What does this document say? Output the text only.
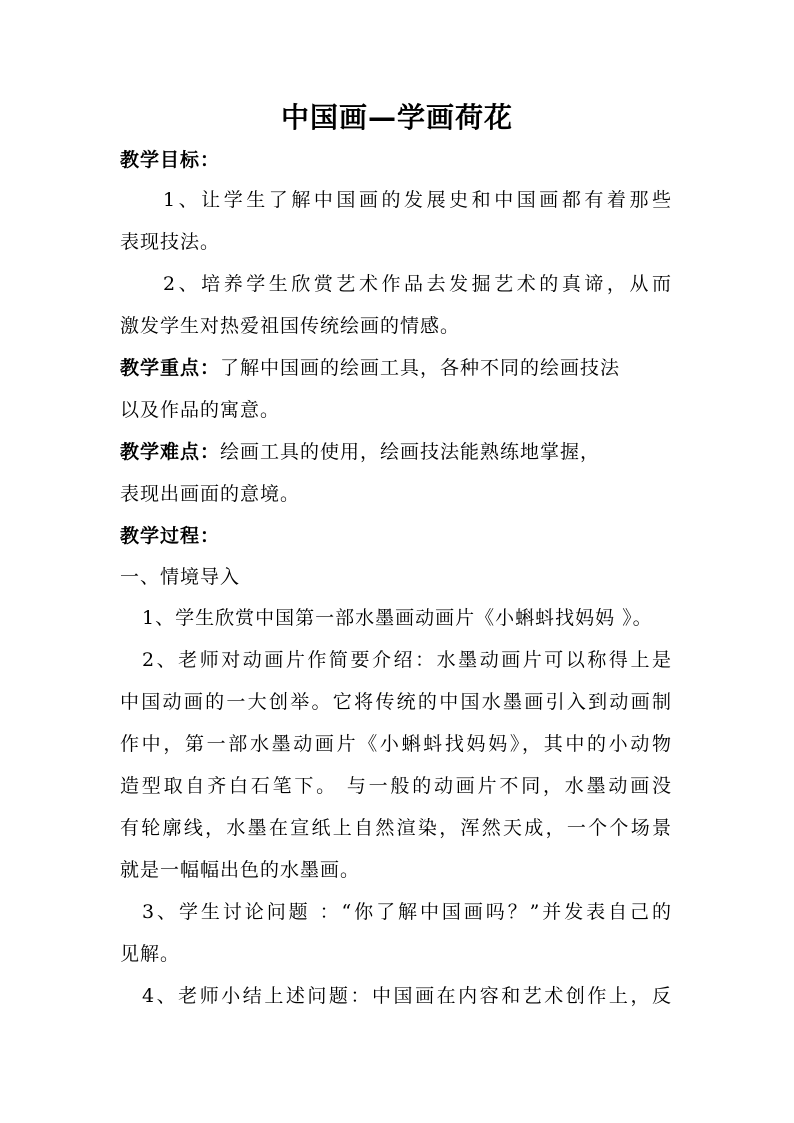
中国画—学画荷花
教学目标：
1、让学生了解中国画的发展史和中国画都有着那些
表现技法。
2、培养学生欣赏艺术作品去发掘艺术的真谛，从而
激发学生对热爱祖国传统绘画的情感。
教学重点：了解中国画的绘画工具，各种不同的绘画技法
以及作品的寓意。
教学难点：绘画工具的使用，绘画技法能熟练地掌握，
表现出画面的意境。
教学过程：
一、情境导入
1、学生欣赏中国第一部水墨画动画片《小蝌蚪找妈妈 》。
2、老师对动画片作简要介绍：水墨动画片可以称得上是
中国动画的一大创举。它将传统的中国水墨画引入到动画制
作中，第一部水墨动画片《小蝌蚪找妈妈》，其中的小动物
造型取自齐白石笔下。 与一般的动画片不同，水墨动画没
有轮廓线，水墨在宣纸上自然渲染，浑然天成，一个个场景
就是一幅幅出色的水墨画。
3、学生讨论问题 ：“你了解中国画吗？”并发表自己的
见解。
4、老师小结上述问题：中国画在内容和艺术创作上，反
